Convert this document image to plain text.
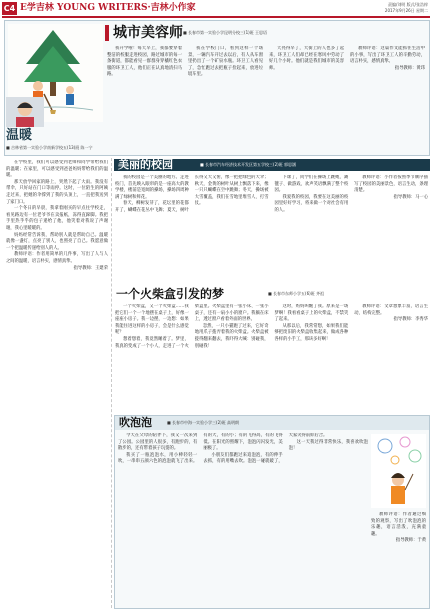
C4 E学吉林 YOUNG WRITERS·吉林小作家	责编/刘明 版式/张浩梓
2017年9月26日 星期二
城市美容师 ■ 长春市第一实验小学昆明分校三(1)班 王思语

我开学啦！每天早上，我都要穿着整洁的校服走进校园，路过城市的每一条街道，都能看见一群群身穿橘红色衣服的环卫工人，他们正在认真地清扫马路。

我在学校门口，看到这样一个场景，一辆汽车开过去以后，有人从车窗里扔出了一个矿泉水瓶。环卫工人看见了，急忙跑过去把瓶子捡起来，放进垃圾车里。

天亮得早了，大街上的人也多了起来，环卫工人们却已经在寒风中劳动了好几个小时。他们就是我们城市的美容师。

教师评语：这篇作文能抓住生活中的小事，写出了环卫工人的辛勤劳动，语言朴实，感情真挚。

指导教师：黄玮
温暖
■ 吉林省第一实验小学南新学校五(13)班 陈一宁

在学校里，我们可以感受到老师和同学带给我们的温暖；在家里，可以感受到爸爸妈妈带给我们的温暖。

那天放学回家的路上，突然下起了大雨。我没有带伞，只好站在门口等雨停。这时，一位陌生的阿姨走过来，把她的伞撑到了我的头顶上，一直把我送到了家门口。

一个冬日的早晨，我拿着刚买的早点往学校走，看见路边有一位老爷爷在卖报纸，冻得直跺脚。我把手里热乎乎的包子递给了他，他笑着对我说了声谢谢，我心里暖暖的。

妈妈经常告诉我，帮助别人就是帮助自己。温暖就像一盏灯，点亮了别人，也照亮了自己。我愿意做一个把温暖传递给别人的人。

教师评语：作者用简单的几件事，写出了人与人之间的温暖，语言朴实，感情真挚。

指导教师：王建荣
美丽的校园	■ 长春市汽车经济技术开发区第五学校三(2)班 郭思涵

我的校园是一个美丽的地方。走进校门，首先映入眼帘的是一座高大的教学楼，楼前是宽阔的操场，操场四周种满了绿树和鲜花。

春天，柳树发芽了，花坛里的花都开了，蝴蝶在花丛中飞舞；夏天，树叶长得又大又密，像一把把绿色的大伞；秋天，金黄的树叶从树上飘落下来，像一只只蝴蝶在空中跳舞；冬天，操场被大雪覆盖，我们在雪地里堆雪人、打雪仗。

下课了，同学们在操场上跳绳、踢毽子、做游戏，欢声笑语飘满了整个校园。

我爱我的校园，我要在这美丽的校园里好好学习，将来做一个对社会有用的人。

教师评语：小作者按照季节顺序描写了校园的美丽景色，语言生动，条理清楚。

指导教师：马一心
一个火柴盒引发的梦	■ 长春市东师小学五(6)班 齐祖

一个火柴盒，又一个火柴盒……我把它们一个一个地摆在桌子上，好像一座座小房子。我一边摆，一边想：如果我能住进这样的小房子，会是什么感觉呢？

想着想着，我竟然睡着了。梦里，我真的变成了一个小人，走进了一个火柴盒里。火柴盒里有一张小床、一张小桌子，还有一扇小小的窗户。我躺在床上，透过窗户看着外面的世界。

忽然，一只小猫跑了过来，它好奇地用爪子拨弄着我的火柴盒。火柴盒被拨得翻来翻去，我吓得大喊：别碰我，别碰我！

这时，妈妈叫醒了我。原来是一场梦啊！我看看桌子上的火柴盒，不禁笑了起来。

从那以后，我常常想，如果我们能够把废旧的火柴盒收集起来，做成各种各样的小手工，那该多好啊！

教师评语：文章想象丰富，语言生动，结构完整。

指导教师：李秀华
吹泡泡	■ 长春市中海一实验小学三(2)班 高明朗

今天在父母的陪伴下，我又一次来到了公园。公园里的人很多，有跑步的，有散步的，还有带着孩子玩耍的。

我买了一瓶泡泡水，用小棒轻轻一吹，一串串五颜六色的泡泡就飞了出来。有的大，有的小；有的飞得高，有的飞得低。在阳光的照耀下，泡泡闪闪发光，美丽极了。

小朋友们都跑过来追泡泡，有的伸手去抓，有的用嘴去吹。泡泡一碰就破了，大家笑得前仰后合。

这一天我过得非常快乐，我喜欢吹泡泡！

教师评语：作者通过细致的观察，写出了吹泡泡的乐趣，语言活泼，充满童趣。

指导教师：于黄
